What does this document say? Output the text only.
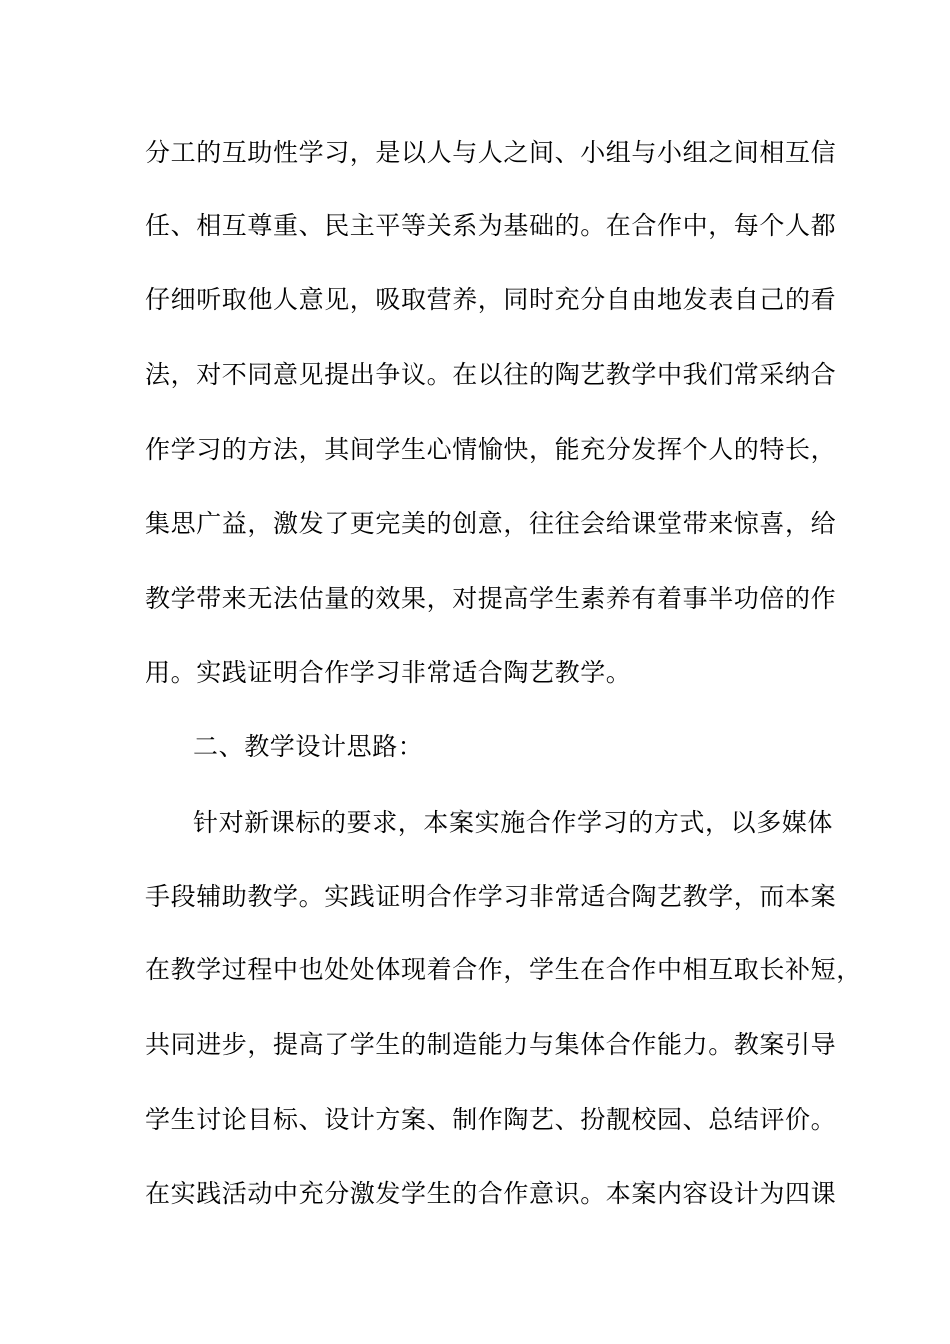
分工的互助性学习，是以人与人之间、小组与小组之间相互信
任、相互尊重、民主平等关系为基础的。在合作中，每个人都
仔细听取他人意见，吸取营养，同时充分自由地发表自己的看
法，对不同意见提出争议。在以往的陶艺教学中我们常采纳合
作学习的方法，其间学生心情愉快，能充分发挥个人的特长，
集思广益，激发了更完美的创意，往往会给课堂带来惊喜，给
教学带来无法估量的效果，对提高学生素养有着事半功倍的作
用。实践证明合作学习非常适合陶艺教学。
二、教学设计思路：
针对新课标的要求，本案实施合作学习的方式，以多媒体
手段辅助教学。实践证明合作学习非常适合陶艺教学，而本案
在教学过程中也处处体现着合作，学生在合作中相互取长补短，
共同进步，提高了学生的制造能力与集体合作能力。教案引导
学生讨论目标、设计方案、制作陶艺、扮靓校园、总结评价。
在实践活动中充分激发学生的合作意识。本案内容设计为四课
